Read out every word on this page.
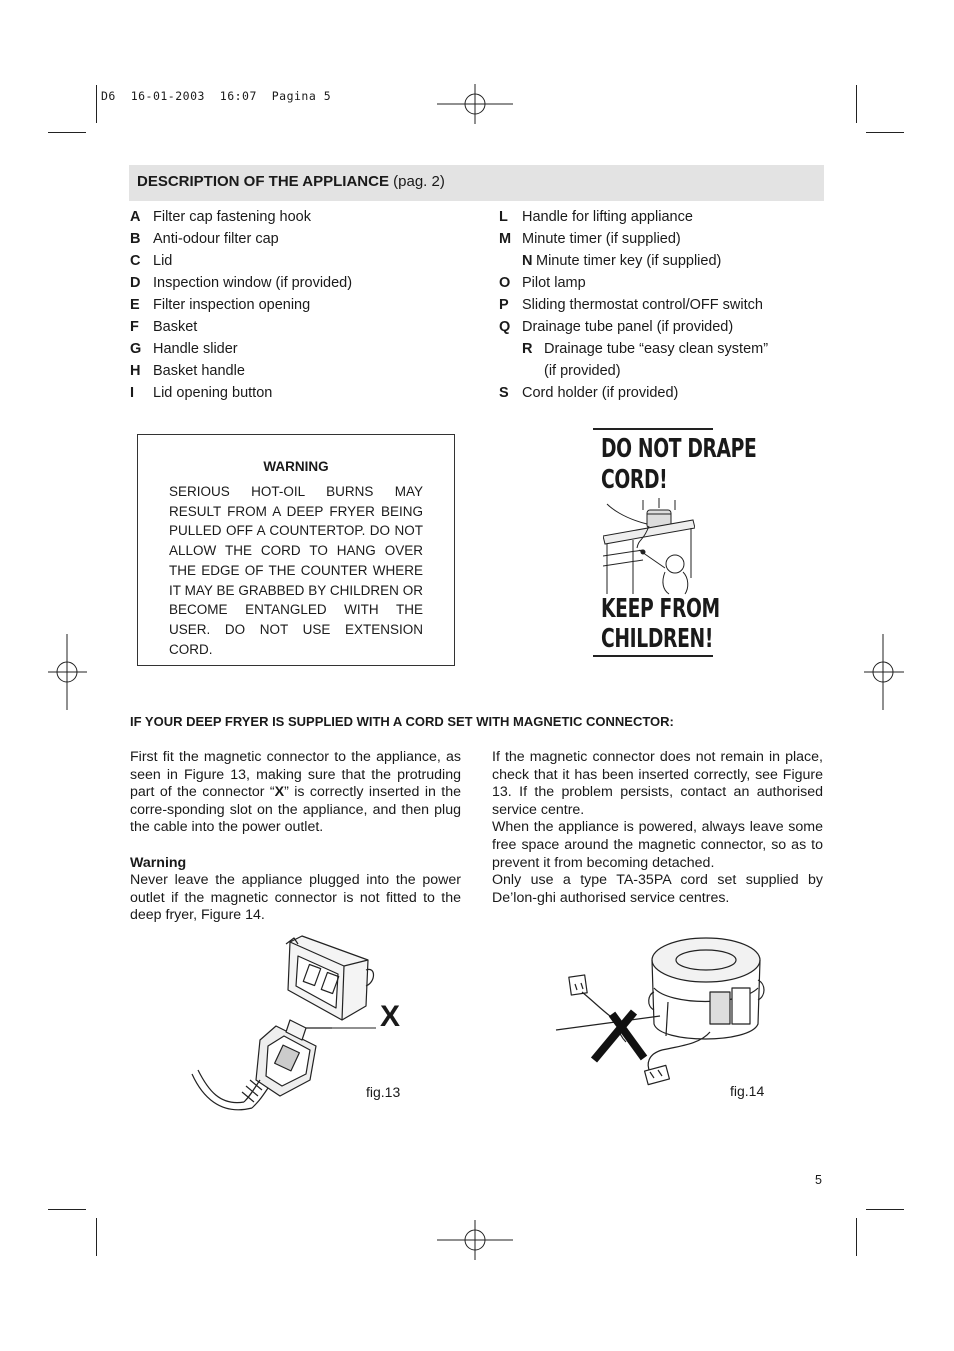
D6  16-01-2003  16:07  Pagina 5
DESCRIPTION OF THE APPLIANCE (pag. 2)
A Filter cap fastening hook
B Anti-odour filter cap
C Lid
D Inspection window (if provided)
E Filter inspection opening
F Basket
G Handle slider
H Basket handle
I Lid opening button
L Handle for lifting appliance
M Minute timer (if supplied)
N Minute timer key (if supplied)
O Pilot lamp
P Sliding thermostat control/OFF switch
Q Drainage tube panel (if provided)
R Drainage tube “easy clean system”
(if provided)
S Cord holder (if provided)
WARNING
SERIOUS HOT-OIL BURNS MAY RESULT FROM A DEEP FRYER BEING PULLED OFF A COUNTERTOP. DO NOT ALLOW THE CORD TO HANG OVER THE EDGE OF THE COUNTER WHERE IT MAY BE GRABBED BY CHILDREN OR BECOME ENTANGLED WITH THE USER. DO NOT USE EXTENSION CORD.
DO NOT DRAPE
CORD!
KEEP FROM
CHILDREN!
IF YOUR DEEP FRYER IS SUPPLIED WITH A CORD SET WITH MAGNETIC CONNECTOR:
First fit the magnetic connector to the appliance, as seen in Figure 13, making sure that the protruding part of the connector “X” is correctly inserted in the corre-sponding slot on the appliance, and then plug the cable into the power outlet.
Warning
Never leave the appliance plugged into the power outlet if the magnetic connector is not fitted to the deep fryer, Figure 14.
If the magnetic connector does not remain in place, check that it has been inserted correctly, see Figure 13. If the problem persists, contact an authorised service centre.
When the appliance is powered, always leave some free space around the magnetic connector, so as to prevent it from becoming detached.
Only use a type TA-35PA cord set supplied by De’lon-ghi authorised service centres.
X
fig.13	fig.14
5
